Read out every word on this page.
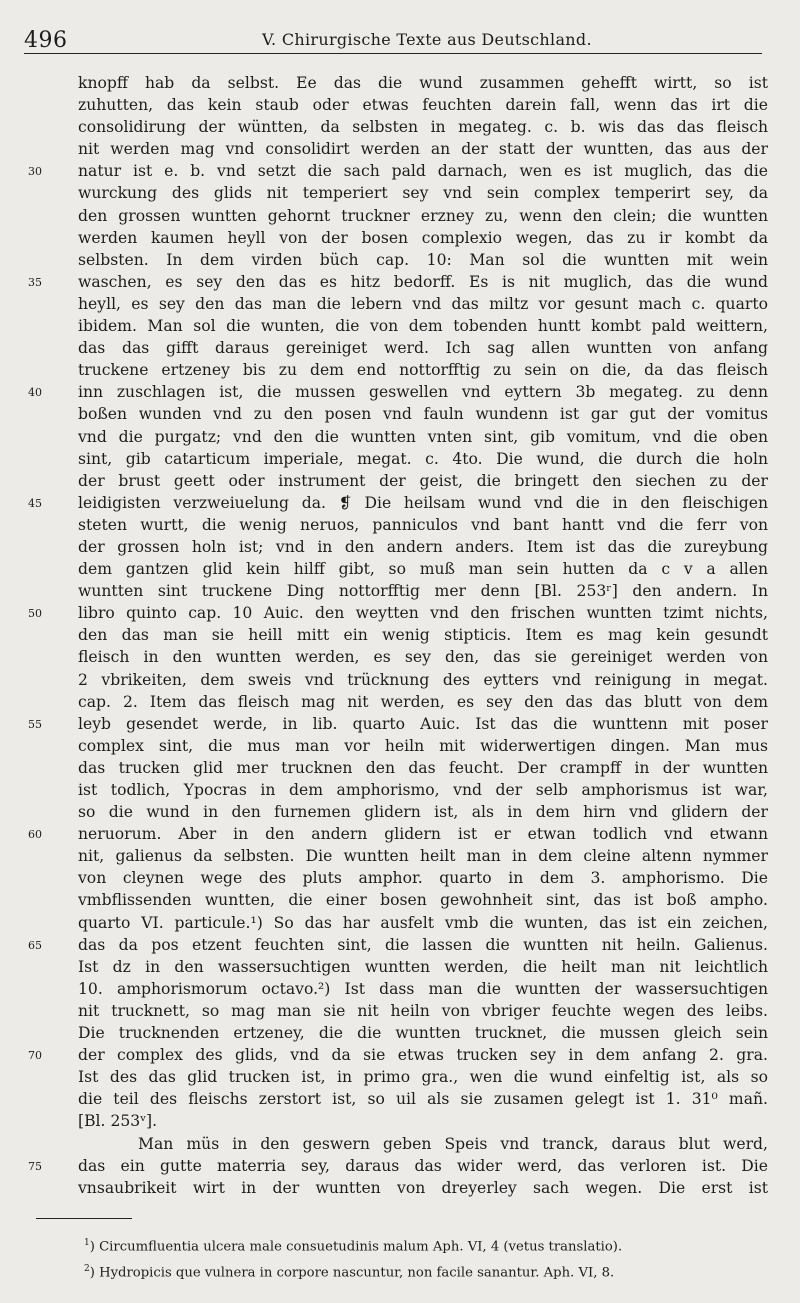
496	V. Chirurgische Texte aus Deutschland.
knopff hab da selbst. Ee das die wund zusammen gehefft wirtt, so ist
zuhutten, das kein staub oder etwas feuchten darein fall, wenn das irt die
consolidirung der wüntten, da selbsten in megateg. c. b. wis das das fleisch
nit werden mag vnd consolidirt werden an der statt der wuntten, das aus der
30	natur ist e. b. vnd setzt die sach pald darnach, wen es ist muglich, das die
wurckung des glids nit temperiert sey vnd sein complex temperirt sey, da
den grossen wuntten gehornt truckner erzney zu, wenn den clein; die wuntten
werden kaumen heyll von der bosen complexio wegen, das zu ir kombt da
selbsten. In dem virden büch cap. 10: Man sol die wuntten mit wein
35	waschen, es sey den das es hitz bedorff. Es is nit muglich, das die wund
heyll, es sey den das man die lebern vnd das miltz vor gesunt mach c. quarto
ibidem. Man sol die wunten, die von dem tobenden huntt kombt pald weittern,
das das gifft daraus gereiniget werd. Ich sag allen wuntten von anfang
truckene ertzeney bis zu dem end nottorfftig zu sein on die, da das fleisch
40	inn zuschlagen ist, die mussen geswellen vnd eyttern 3b megateg. zu denn
boßen wunden vnd zu den posen vnd fauln wundenn ist gar gut der vomitus
vnd die purgatz; vnd den die wuntten vnten sint, gib vomitum, vnd die oben
sint, gib catarticum imperiale, megat. c. 4to. Die wund, die durch die holn
der brust geett oder instrument der geist, die bringett den siechen zu der
45	leidigisten verzweiuelung da. ❡ Die heilsam wund vnd die in den fleischigen
steten wurtt, die wenig neruos, panniculos vnd bant hantt vnd die ferr von
der grossen holn ist; vnd in den andern anders. Item ist das die zureybung
dem gantzen glid kein hilff gibt, so muß man sein hutten da c v a allen
wuntten sint truckene Ding nottorfftig mer denn [Bl. 253ʳ] den andern. In
50	libro quinto cap. 10 Auic. den weytten vnd den frischen wuntten tzimt nichts,
den das man sie heill mitt ein wenig stipticis. Item es mag kein gesundt
fleisch in den wuntten werden, es sey den, das sie gereiniget werden von
2 vbrikeiten, dem sweis vnd trücknung des eytters vnd reinigung in megat.
cap. 2. Item das fleisch mag nit werden, es sey den das das blutt von dem
55	leyb gesendet werde, in lib. quarto Auic. Ist das die wunttenn mit poser
complex sint, die mus man vor heiln mit widerwertigen dingen. Man mus
das trucken glid mer trucknen den das feucht. Der crampff in der wuntten
ist todlich, Ypocras in dem amphorismo, vnd der selb amphorismus ist war,
so die wund in den furnemen glidern ist, als in dem hirn vnd glidern der
60	neruorum. Aber in den andern glidern ist er etwan todlich vnd etwann
nit, galienus da selbsten. Die wuntten heilt man in dem cleine altenn nymmer
von cleynen wege des pluts amphor. quarto in dem 3. amphorismo. Die
vmbflissenden wuntten, die einer bosen gewohnheit sint, das ist boß ampho.
quarto VI. particule.¹) So das har ausfelt vmb die wunten, das ist ein zeichen,
65	das da pos etzent feuchten sint, die lassen die wuntten nit heiln. Galienus.
Ist dz in den wassersuchtigen wuntten werden, die heilt man nit leichtlich
10. amphorismorum octavo.²) Ist dass man die wuntten der wassersuchtigen
nit trucknett, so mag man sie nit heiln von vbriger feuchte wegen des leibs.
Die trucknenden ertzeney, die die wuntten trucknet, die mussen gleich sein
70	der complex des glids, vnd da sie etwas trucken sey in dem anfang 2. gra.
Ist des das glid trucken ist, in primo gra., wen die wund einfeltig ist, als so
die teil des fleischs zerstort ist, so uil als sie zusamen gelegt ist 1. 31⁰ mañ.
[Bl. 253ᵛ].
Man müs in den geswern geben Speis vnd tranck, daraus blut werd,
75	das ein gutte materria sey, daraus das wider werd, das verloren ist. Die
vnsaubrikeit wirt in der wuntten von dreyerley sach wegen. Die erst ist
$^1$) Circumfluentia ulcera male consuetudinis malum Aph. VI, 4 (vetus translatio).
$^2$) Hydropicis que vulnera in corpore nascuntur, non facile sanantur. Aph. VI, 8.
